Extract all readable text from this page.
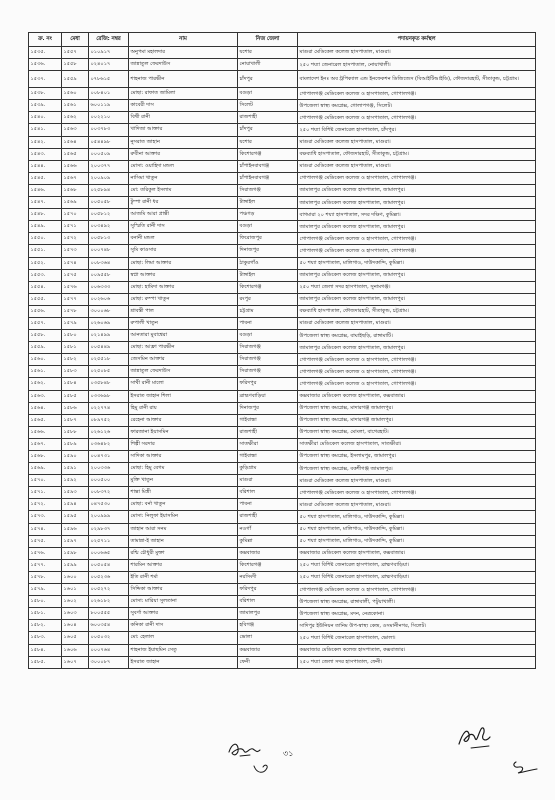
ক্র. নং	মেধা	রেজি: নম্বর	নাম	নিজ জেলা	পদায়নকৃত কর্মস্থল
১৫৩৫.	১৫৫৭	০১০৯১৭	অনুপমা মহালদার	যশোর	মাগুরা মেডিকেল কলেজ হাসপাতাল, মাগুরা।
১৫৩৬.	১৫৫৮	০২৪০১৭	জান্নাতুল ফেরদাউস	নোয়াখালী	২৫০ শয্যা জেনারেল হাসপাতাল, নোয়াখালী।
১৫৩৭.	১৫৫৯	০৭৮৬১৫	শাহনাজ পারভীন	চাঁদপুর	বাংলাদেশ ইনঃ অব ট্রপিক্যাল এন্ড ইনফেকশন ডিজিজেস (বিআইটিআইডি), ফৌজদারহাট, সীতাকুন্ড, চট্টগ্রাম।
১৫৩৮.	১৫৬০	০০৮৪০১	মোছা: রাফাত জামিলা	বগুড়া	গোপালগঞ্জ মেডিকেল কলেজ ও হাসপাতাল, গোপালগঞ্জ।
১৫৩৯.	১৫৬১	৬০০১১৯	কাবেরী দাস	সিলেট	উপজেলা স্বাস্থ্য কমপ্লেক্স, গোলাপগঞ্জ, সিলেট।
১৫৪০.	১৫৬২	০০২২১০	বিথী রানী	রাজশাহী	গোপালগঞ্জ মেডিকেল কলেজ ও হাসপাতাল, গোপালগঞ্জ।
১৫৪১.	১৫৬৩	০০৩৭৮৩	খাদিজা আক্তার	চাঁদপুর	২৫০ শয্যা বিশিষ্ট জেনারেল হাসপাতাল, চাঁদপুর।
১৫৪২.	১৫৬৪	০৫৪৪৯৮	নুসরাত জাহান	যশোর	মাগুরা মেডিকেল কলেজ হাসপাতাল, মাগুরা।
১৫৪৩.	১৫৬৫	০০০৫০৯	রুবীনা আক্তার	কিশোরগঞ্জ	বক্ষব্যাধি হাসপাতাল, ফৌজদারহাট, সীতাকুন্ড, চট্টগ্রাম।
১৫৪৪.	১৫৬৬	২০০৩৭৭	মোসা: ওয়াহিদা মন্ডল	চাঁপাইনবাবগঞ্জ	মাগুরা মেডিকেল কলেজ হাসপাতাল, মাগুরা।
১৫৪৫.	১৫৬৭	২০০৯০৯	নাসিমা খাতুন	চাঁপাইনবাবগঞ্জ	গোপালগঞ্জ মেডিকেল কলেজ ও হাসপাতাল, গোপালগঞ্জ।
১৫৪৬.	১৫৬৮	০২৫৮৯৪	মো: তরিকুল ইসলাম	সিরাজগঞ্জ	জামালপুর মেডিকেল কলেজ হাসপাতাল, জামালপুর।
১৫৪৭.	১৫৬৯	০০৫০৫৮	টুম্পা রানী ধর	টাঙ্গাইল	জামালপুর মেডিকেল কলেজ হাসপাতাল, জামালপুর।
১৫৪৮.	১৫৭০	০০৫৮১২	আজমি আরা প্রান্তী	পঞ্চগড়	বাগমারা ২০ শয্যা হাসপাতাল, সদর দক্ষিণ, কুমিল্লা।
১৫৪৯.	১৫৭১	০০৩৪৯২	সুস্মিতি রানী দাস	বগুড়া	জামালপুর মেডিকেল কলেজ হাসপাতাল, জামালপুর।
১৫৫০.	১৫৭২	০০৫৮১৩	বনানী মন্ডল	ফিরোজপুর	গোপালগঞ্জ মেডিকেল কলেজ ও হাসপাতাল, গোপালগঞ্জ।
১৫৫১.	১৫৭৩	০০০৭৪৮	সুমি কাওসার	দিনাজপুর	গোপালগঞ্জ মেডিকেল কলেজ ও হাসপাতাল, গোপালগঞ্জ।
১৫৫২.	১৫৭৪	০০৮৩৬৪	মোছা: লিমা আক্তার	ঠাকুরগাঁও	৫০ শয্যা হাসপাতাল, মালিগাও, দাউদকান্দি, কুমিল্লা।
১৫৫৩.	১৫৭৫	০০৯৫৫৮	স্বপ্না আক্তার	টাঙ্গাইল	জামালপুর মেডিকেল কলেজ হাসপাতাল, জামালপুর।
১৫৫৪.	১৫৭৬	০০৬৩৩৩	মোছা: হামিদা আক্তার	কিশোরগঞ্জ	২৫০ শয্যা জেলা সদর হাসপাতাল, সুনামগঞ্জ।
১৫৫৫.	১৫৭৭	০০২৬০৬	মোছা: রুম্পা খাতুন	রংপুর	জামালপুর মেডিকেল কলেজ হাসপাতাল, জামালপুর।
১৫৫৬.	১৫৭৮	৩০০০৬৮	শ্রাবন্তী পাল	চট্টগ্রাম	বক্ষব্যাধি হাসপাতাল, ফৌজদারহাট, সীতাকুন্ড, চট্টগ্রাম।
১৫৫৭.	১৫৭৯	০২৬০৬৯	রুপালী খাতুন	পাবনা	মাগুরা মেডিকেল কলেজ হাসপাতাল, মাগুরা।
১৫৫৮.	১৫৮০	০২১৪৯৯	আনতারা মুবাশ্বেরা	বগুড়া	উপজেলা স্বাস্থ্য কমপ্লেক্স, বাঘাইছড়ি, রাঙ্গামাটি।
১৫৫৯.	১৫৮১	০০৫৪৪৯	মোছা: আফ্রা পারভীন	সিরাজগঞ্জ	জামালপুর মেডিকেল কলেজ হাসপাতাল, জামালপুর।
১৫৬০.	১৫৮২	০২৫৫১৮	জেসমিন আক্তার	সিরাজগঞ্জ	গোপালগঞ্জ মেডিকেল কলেজ ও হাসপাতাল, গোপালগঞ্জ।
১৫৬১.	১৫৮৩	০২৫০৮৫	জান্নাতুল ফেরদাউস	সিরাজগঞ্জ	গোপালগঞ্জ মেডিকেল কলেজ ও হাসপাতাল, গোপালগঞ্জ।
১৫৬২.	১৫৮৪	০৩৫৮৪৮	সাথী রানী মালো	ফরিদপুর	গোপালগঞ্জ মেডিকেল কলেজ ও হাসপাতাল, গোপালগঞ্জ।
১৫৬৩.	১৫৮৫	০৩৩৬৯৮	ইসরাত জাহান শিলা	ব্রাহ্মণবাড়িয়া	কক্সবাজার মেডিকেল কলেজ হাসপাতাল, কক্সবাজার।
১৫৬৪.	১৫৮৬	০২২৭৭৪	হিমু রানী রায়	দিনাজপুর	উপজেলা স্বাস্থ্য কমপ্লেক্স, মাদারগঞ্জ জামালপুর।
১৫৬৫.	১৫৮৭	০৮৯৭৫২	রেহেনা আক্তার	গাইবান্ধা	উপজেলা স্বাস্থ্য কমপ্লেক্স, মাদারগঞ্জ জামালপুর।
১৫৬৬.	১৫৮৮	০২৬১২৬	ফারজানা ইয়াসমিন	রাজশাহী	উপজেলা স্বাস্থ্য কমপ্লেক্স, মোংলা, বাগেরহাট।
১৫৬৭.	১৫৮৯	০৩৬৪৮২	শিল্পী সরদার	সাতক্ষীরা	সাতক্ষীরা মেডিকেল কলেজ হাসপাতাল, সাতক্ষীরা।
১৫৬৮.	১৫৯০	০০৪৭৩১	সাদিকা আক্তার	গাইবান্ধা	উপজেলা স্বাস্থ্য কমপ্লেক্স, ইসলামপুর, জামালপুর।
১৫৬৯.	১৫৯১	২০০৩৩৬	মোছা: হিমু বেগম	কুড়িগ্রাম	উপজেলা স্বাস্থ্য কমপ্লেক্স, বকশীগঞ্জ জামালপুর।
১৫৭০.	১৫৯২	০০০৫০০	মুক্তি খাতুন	মাগুরা	মাগুরা মেডিকেল কলেজ হাসপাতাল, মাগুরা।
১৫৭১.	১৫৯৩	০০৮৩৭২	শান্তা মিস্ত্রী	বরিশাল	গোপালগঞ্জ মেডিকেল কলেজ ও হাসপাতাল, গোপালগঞ্জ।
১৫৭২.	১৫৯৪	০৪৭৫৩০	মোছা: বর্না খাতুন	পাবনা	মাগুরা মেডিকেল কলেজ হাসপাতাল, মাগুরা।
১৫৭৩.	১৫৯৫	২০০৯৯৯	মোসা: নিলুফা ইয়াসমিন	রাজশাহী	৫০ শয্যা হাসপাতাল, মালিগাও, দাউদকান্দি, কুমিল্লা।
১৫৭৪.	১৫৯৬	০২৯৮৩৭	জাহান আরা সনম	নওগাঁ	৫০ শয্যা হাসপাতাল, মালিগাও, দাউদকান্দি, কুমিল্লা।
১৫৭৫.	১৫৯৭	০২৫৭১১	তামান্না-ই জাহান	কুমিল্লা	৫০ শয্যা হাসপাতাল, মালিগাও, দাউদকান্দি, কুমিল্লা।
১৫৭৬.	১৫৯৮	০০০৬৬৫	রশ্মি চৌধুরী মুক্তা	কক্সবাজার	কক্সবাজার মেডিকেল কলেজ হাসপাতাল, কক্সবাজার।
১৫৭৭.	১৫৯৯	০০৫০৫৪	শারমিন আক্তার	কিশোরগঞ্জ	২৫০ শয্যা বিশিষ্ট জেনারেল হাসপাতাল, ব্রাহ্মণবাড়িয়া।
১৫৭৮.	১৬০০	০০৫২৩৬	ইতি রানী শর্মা	নরসিংদী	২৫০ শয্যা বিশিষ্ট জেনারেল হাসপাতাল, ব্রাহ্মণবাড়িয়া।
১৫৭৯.	১৬০১	০০৫২৭২	সিদ্দিকা আক্তার	ফরিদপুর	গোপালগঞ্জ মেডিকেল কলেজ ও হাসপাতাল, গোপালগঞ্জ।
১৫৮০.	১৬০২	০২৬১৮২	মোসা: মারিয়া সুলতানা	বরিশাল	উপজেলা স্বাস্থ্য কমপ্লেক্স, রাঙ্গাবালী, পটুয়াখালী।
১৫৮১.	১৬০৩	৮০০৫৫৫	সুবর্ণা আক্তার	জামালপুর	উপজেলা স্বাস্থ্য কমপ্লেক্স, মদন, নেত্রকোনা।
১৫৮২.	১৬০৪	৬০০৩৫৪	কনিকা রানী দাস	হবিগঞ্জ	সাদিপুর ইউনিয়ন তানিম উপ-স্বাস্থ্য কেন্দ্র, ওসমানীনগর, সিলেট।
১৫৮৩.	১৬০৫	০০৫০৩২	মো: হেলাল	ভোলা	২৫০ শয্যা বিশিষ্ট জেনারেল হাসপাতাল, ভোলা।
১৫৮৪.	১৬০৬	০০০৭৬৪	শাহনাজ ইয়াছমিন সেতু	কক্সবাজার	কক্সবাজার মেডিকেল কলেজ হাসপাতাল, কক্সবাজার।
১৫৮৫.	১৬০৭	৩০০০৮৭	ইসরাত জাহান	ফেনী	২৫০ শয্যা জেলা সদর হাসপাতাল, ফেনী।
৩১
